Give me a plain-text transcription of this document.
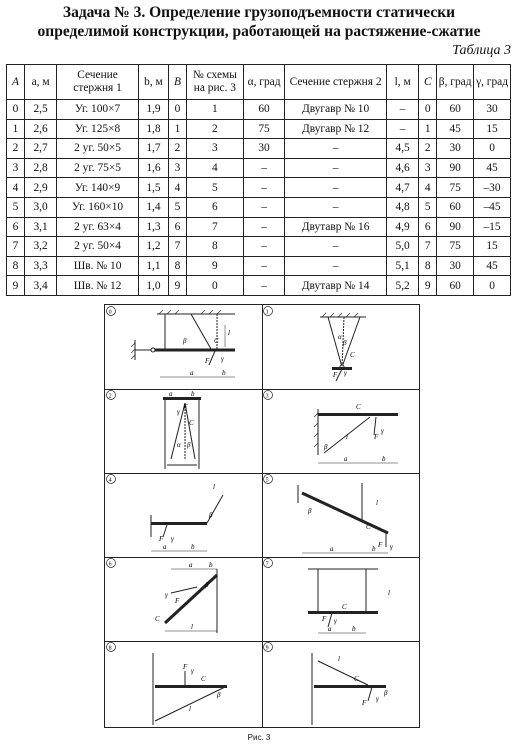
Задача № 3. Определение грузоподъемности статически
определимой конструкции, работающей на растяжение-сжатие
Таблица 3
A	a, м	Сечение стержня 1	b, м	B	№ схемы на рис. 3	α, град	Сечение стержня 2	l, м	C	β, град	γ, град
0	2,5	Уг. 100×7	1,9	0	1	60	Двугавр № 10	–	0	60	30
1	2,6	Уг. 125×8	1,8	1	2	75	Двугавр № 12	–	1	45	15
2	2,7	2 уг. 50×5	1,7	2	3	30	–	4,5	2	30	0
3	2,8	2 уг. 75×5	1,6	3	4	–	–	4,6	3	90	45
4	2,9	Уг. 140×9	1,5	4	5	–	–	4,7	4	75	–30
5	3,0	Уг. 160×10	1,4	5	6	–	–	4,8	5	60	–45
6	3,1	2 уг. 63×4	1,3	6	7	–	Двутавр № 16	4,9	6	90	–15
7	3,2	2 уг. 50×4	1,2	7	8	–	–	5,0	7	75	15
8	3,3	Шв. № 10	1,1	8	9	–	–	5,1	8	30	45
9	3,4	Шв. № 12	1,0	9	0	–	Двутавр № 14	5,2	9	60	0
0
β	C
F γ
a	b
l
1
α
β
C
γ
F
2
γ
F
C
α β
a	b	3
C
F
γ
β
l
a	b
4
l
β
F γ
a	b
5
β
l
C
F γ
a	b
6	a b
β
γ
C
F
l
7
l
C
F γ
a	b
8
F γ
C
β
l
9
l
C
F γ
β
Рис. 3
